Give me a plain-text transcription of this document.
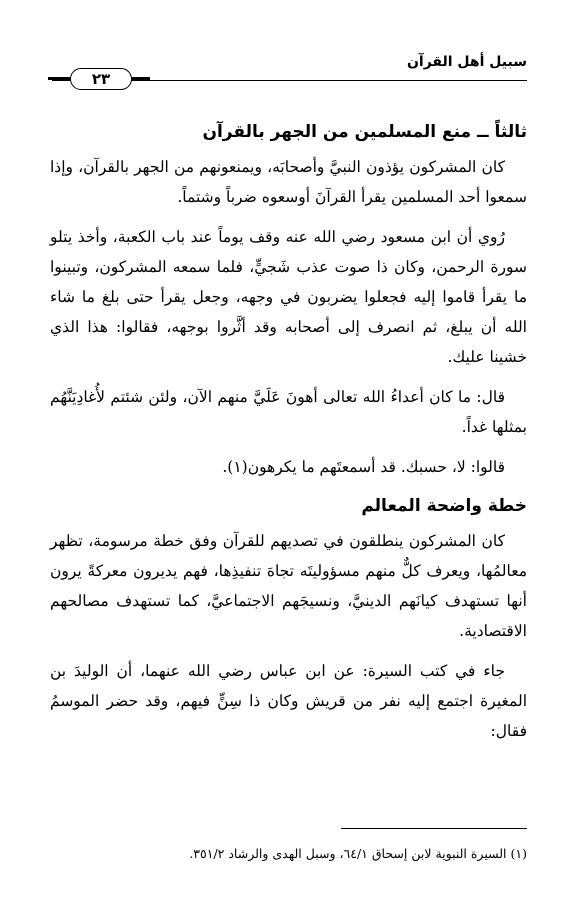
سبيل أهل القرآن
٢٣
ثالثاً ــ منع المسلمين من الجهر بالقرآن

كان المشركون يؤذون النبيَّ وأصحابَه، ويمنعونهم من الجهر بالقرآن، وإذا سمعوا أحد المسلمين يقرأ القرآنَ أوسعوه ضرباً وشتماً.

رُوي أن ابن مسعود رضي الله عنه وقف يوماً عند باب الكعبة، وأخذ يتلو سورة الرحمن، وكان ذا صوت عذب شَجيٍّ، فلما سمعه المشركون، وتبينوا ما يقرأ قاموا إليه فجعلوا يضربون في وجهه، وجعل يقرأ حتى بلغ ما شاء الله أن يبلغ، ثم انصرف إلى أصحابه وقد أثَّروا بوجهه، فقالوا: هذا الذي خشينا عليك.

قال: ما كان أعداءُ الله تعالى أهونَ عَلَيَّ منهم الآن، ولئن شئتم لأُغادِيَنَّهُم بمثلها غداً.

قالوا: لا، حسبك. قد أسمعتَهم ما يكرهون(١).

خطة واضحة المعالم

كان المشركون ينطلقون في تصديهم للقرآن وفق خطة مرسومة، تظهر معالمُها، ويعرف كلٌّ منهم مسؤوليتَه تجاهَ تنفيذِها، فهم يديرون معركةً يرون أنها تستهدف كيانَهم الدينيَّ، ونسيجَهم الاجتماعيَّ، كما تستهدف مصالحهم الاقتصادية.

جاء في كتب السيرة: عن ابن عباس رضي الله عنهما، أن الوليدَ بن المغيرة اجتمع إليه نفر من قريش وكان ذا سِنٍّ فيهم، وقد حضر الموسمُ فقال:

(١) السيرة النبوية لابن إسحاق ٦٤/١، وسبل الهدى والرشاد ٣٥١/٢.
